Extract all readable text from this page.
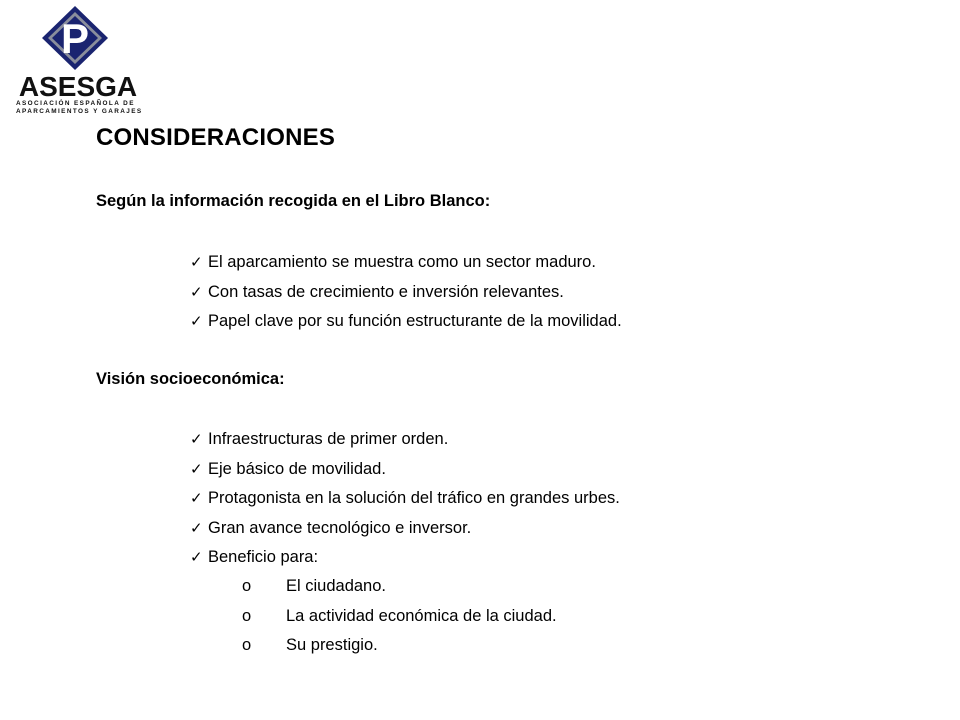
P
ASESGA
ASOCIACIÓN ESPAÑOLA DE
APARCAMIENTOS Y GARAJES
CONSIDERACIONES
Según la información recogida en el Libro Blanco:
✓ El aparcamiento se muestra como un sector maduro.
✓ Con tasas de crecimiento e inversión relevantes.
✓ Papel clave por su función estructurante de la movilidad.
Visión socioeconómica:
✓ Infraestructuras de primer orden.
✓ Eje básico de movilidad.
✓ Protagonista en la solución del tráfico en grandes urbes.
✓ Gran avance tecnológico e inversor.
✓ Beneficio para:
o El ciudadano.
o La actividad económica de la ciudad.
o Su prestigio.
